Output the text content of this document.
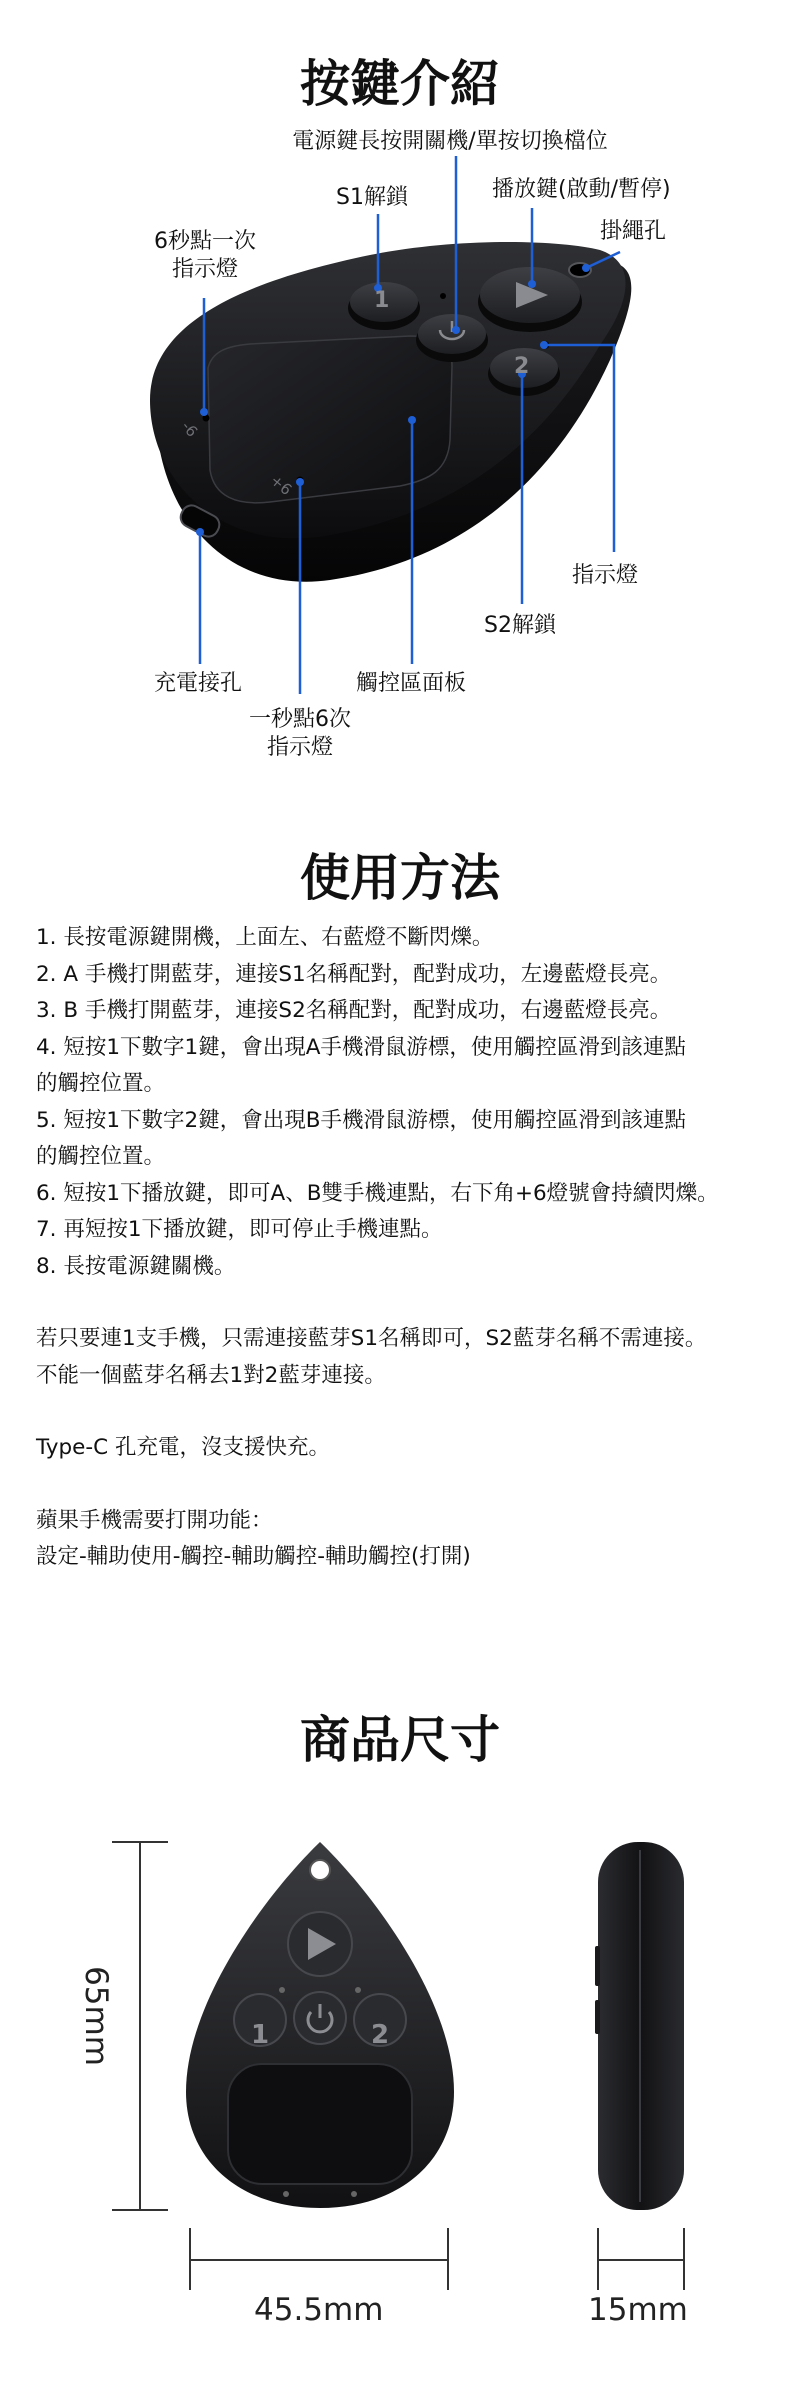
按鍵介紹
電源鍵長按開關機/單按切換檔位
S1解鎖	播放鍵(啟動/暫停)
掛繩孔
6秒點一次
指示燈
指示燈
S2解鎖
充電接孔	觸控區面板
一秒點6次
指示燈
1
2
-6
+6
使用方法
1. 長按電源鍵開機，上面左、右藍燈不斷閃爍。
2. A 手機打開藍芽，連接S1名稱配對，配對成功，左邊藍燈長亮。
3. B 手機打開藍芽，連接S2名稱配對，配對成功，右邊藍燈長亮。
4. 短按1下數字1鍵，會出現A手機滑鼠游標，使用觸控區滑到該連點
的觸控位置。
5. 短按1下數字2鍵，會出現B手機滑鼠游標，使用觸控區滑到該連點
的觸控位置。
6. 短按1下播放鍵，即可A、B雙手機連點，右下角+6燈號會持續閃爍。
7. 再短按1下播放鍵，即可停止手機連點。
8. 長按電源鍵關機。
若只要連1支手機，只需連接藍芽S1名稱即可，S2藍芽名稱不需連接。
不能一個藍芽名稱去1對2藍芽連接。
Type-C 孔充電，沒支援快充。
蘋果手機需要打開功能：
設定-輔助使用-觸控-輔助觸控-輔助觸控(打開)
商品尺寸
1	2
65mm
45.5mm	15mm
